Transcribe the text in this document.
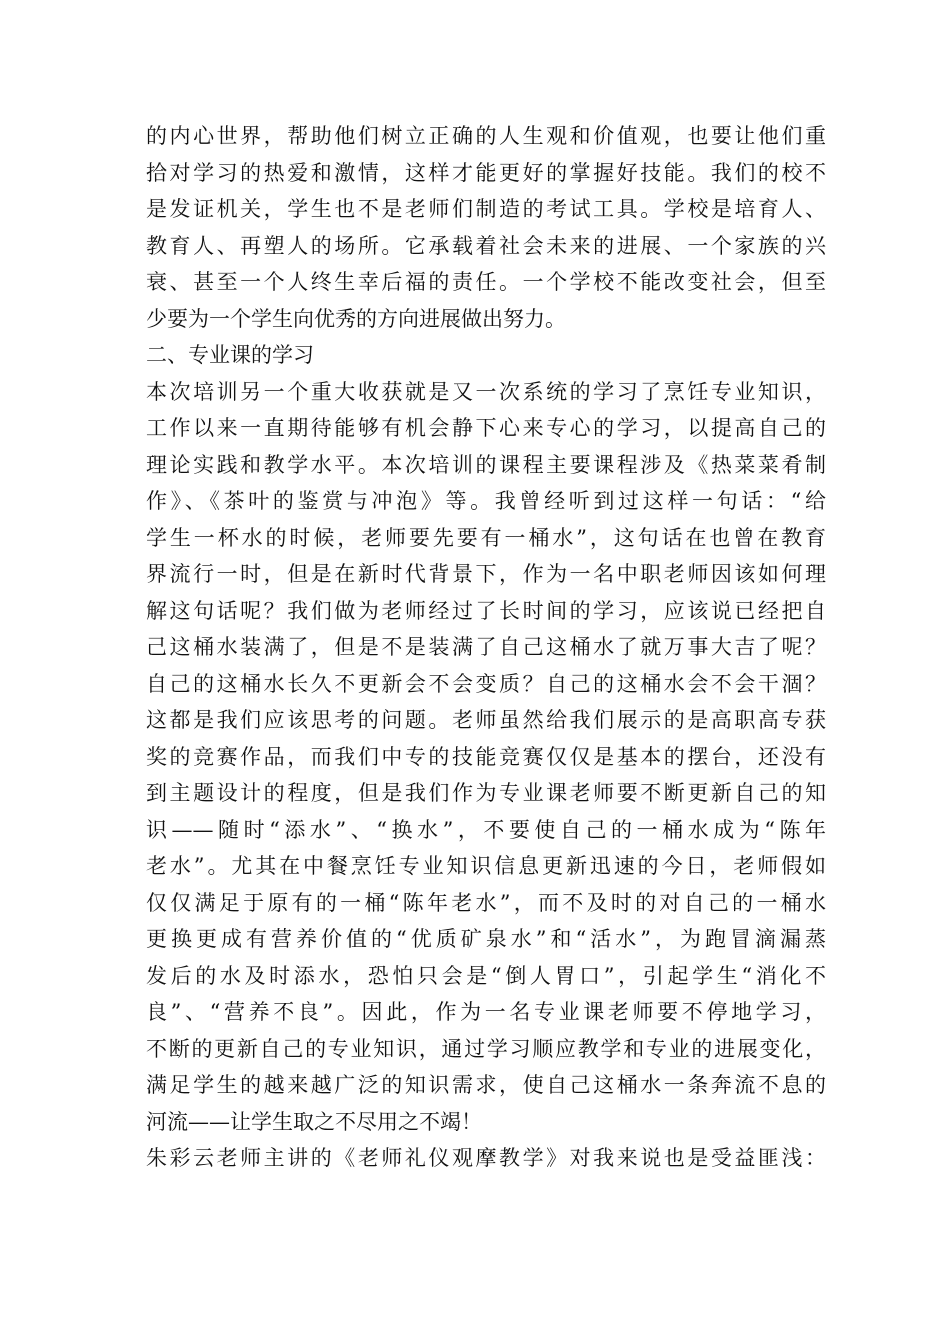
的内心世界，帮助他们树立正确的人生观和价值观，也要让他们重
拾对学习的热爱和激情，这样才能更好的掌握好技能。我们的校不
是发证机关，学生也不是老师们制造的考试工具。学校是培育人、
教育人、再塑人的场所。它承载着社会未来的进展、一个家族的兴
衰、甚至一个人终生幸后福的责任。一个学校不能改变社会，但至
少要为一个学生向优秀的方向进展做出努力。
二、专业课的学习
本次培训另一个重大收获就是又一次系统的学习了烹饪专业知识，
工作以来一直期待能够有机会静下心来专心的学习，以提高自己的
理论实践和教学水平。本次培训的课程主要课程涉及《热菜菜肴制
作》、《茶叶的鉴赏与冲泡》等。我曾经听到过这样一句话：“给
学生一杯水的时候，老师要先要有一桶水”，这句话在也曾在教育
界流行一时，但是在新时代背景下，作为一名中职老师因该如何理
解这句话呢？我们做为老师经过了长时间的学习，应该说已经把自
己这桶水装满了，但是不是装满了自己这桶水了就万事大吉了呢？
自己的这桶水长久不更新会不会变质？自己的这桶水会不会干涸？
这都是我们应该思考的问题。老师虽然给我们展示的是高职高专获
奖的竞赛作品，而我们中专的技能竞赛仅仅是基本的摆台，还没有
到主题设计的程度，但是我们作为专业课老师要不断更新自己的知
识——随时“添水”、“换水”，不要使自己的一桶水成为“陈年
老水”。尤其在中餐烹饪专业知识信息更新迅速的今日，老师假如
仅仅满足于原有的一桶“陈年老水”，而不及时的对自己的一桶水
更换更成有营养价值的“优质矿泉水”和“活水”，为跑冒滴漏蒸
发后的水及时添水，恐怕只会是“倒人胃口”，引起学生“消化不
良”、“营养不良”。因此，作为一名专业课老师要不停地学习，
不断的更新自己的专业知识，通过学习顺应教学和专业的进展变化，
满足学生的越来越广泛的知识需求，使自己这桶水一条奔流不息的
河流——让学生取之不尽用之不竭！
朱彩云老师主讲的《老师礼仪观摩教学》对我来说也是受益匪浅：
